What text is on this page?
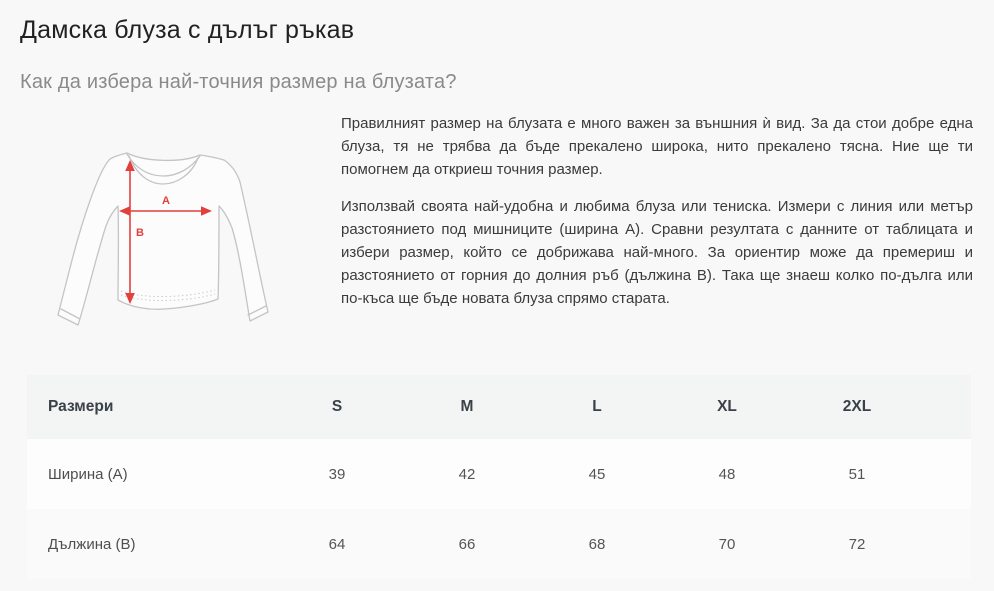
Дамска блуза с дълъг ръкав
Как да избера най-точния размер на блузата?
A
B

Правилният размер на блузата е много важен за външния ѝ вид. За да стои добре една блуза, тя не трябва да бъде прекалено широка, нито прекалено тясна. Ние ще ти помогнем да откриеш точния размер.

Използвай своята най-удобна и любима блуза или тениска. Измери с линия или метър разстоянието под мишниците (ширина A). Сравни резултата с данните от таблицата и избери размер, който се добрижава най-много. За ориентир може да премериш и разстоянието от горния до долния ръб (дължина B). Така ще знаеш колко по-дълга или по-къса ще бъде новата блуза спрямо старата.

Размери	S	M	L	XL	2XL
Ширина (A)	39	42	45	48	51
Дължина (B)	64	66	68	70	72
